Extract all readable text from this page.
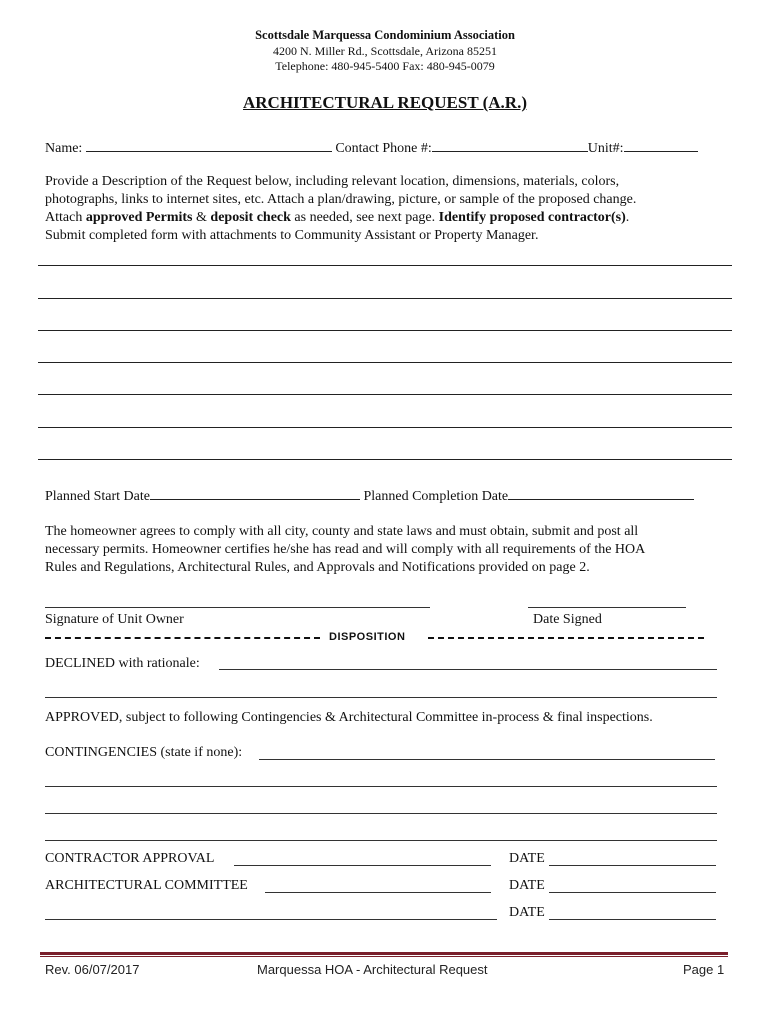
Scottsdale Marquessa Condominium Association
4200 N. Miller Rd., Scottsdale, Arizona 85251
Telephone: 480-945-5400 Fax: 480-945-0079
ARCHITECTURAL REQUEST (A.R.)
Name:	Contact Phone #:	Unit#:
Provide a Description of the Request below, including relevant location, dimensions, materials, colors,
photographs, links to internet sites, etc. Attach a plan/drawing, picture, or sample of the proposed change.
Attach approved Permits & deposit check as needed, see next page. Identify proposed contractor(s).
Submit completed form with attachments to Community Assistant or Property Manager.
Planned Start Date	Planned Completion Date
The homeowner agrees to comply with all city, county and state laws and must obtain, submit and post all
necessary permits. Homeowner certifies he/she has read and will comply with all requirements of the HOA
Rules and Regulations, Architectural Rules, and Approvals and Notifications provided on page 2.
Signature of Unit Owner	Date Signed
DISPOSITION
DECLINED with rationale:
APPROVED, subject to following Contingencies & Architectural Committee in-process & final inspections.
CONTINGENCIES (state if none):
CONTRACTOR APPROVAL	DATE
ARCHITECTURAL COMMITTEE	DATE
DATE
Rev. 06/07/2017	Marquessa HOA - Architectural Request	Page 1
